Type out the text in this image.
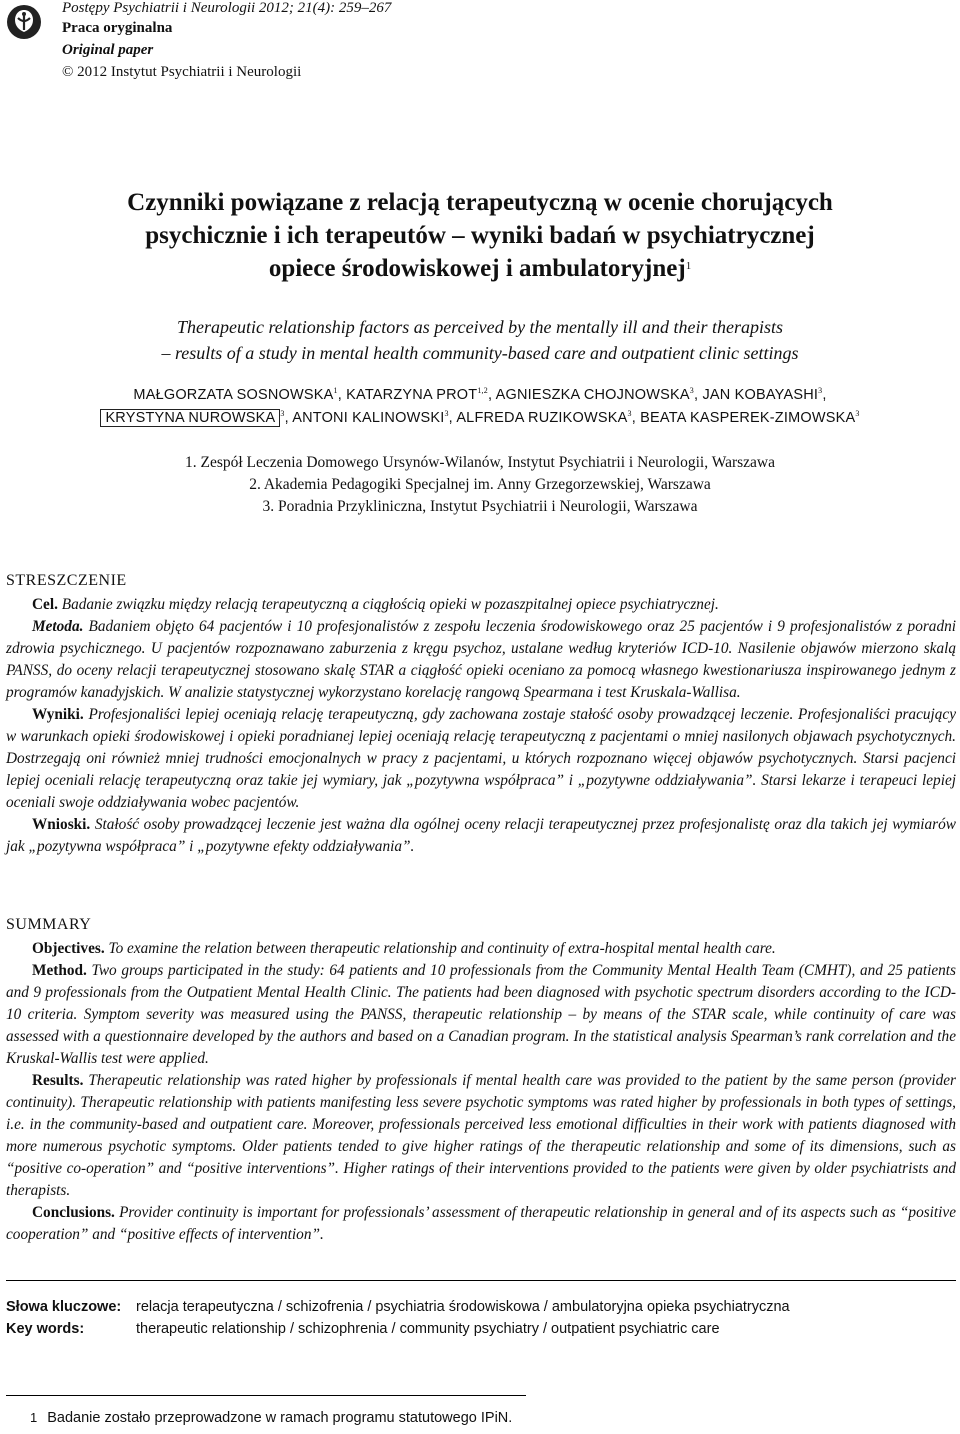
Postępy Psychiatrii i Neurologii 2012; 21(4): 259–267
Praca oryginalna
Original paper
© 2012 Instytut Psychiatrii i Neurologii
Czynniki powiązane z relacją terapeutyczną w ocenie chorujących
psychicznie i ich terapeutów – wyniki badań w psychiatrycznej
opiece środowiskowej i ambulatoryjnej$^1$
Therapeutic relationship factors as perceived by the mentally ill and their therapists
– results of a study in mental health community-based care and outpatient clinic settings
MAŁGORZATA SOSNOWSKA$^1$, KATARZYNA PROT$^{1,2}$, AGNIESZKA CHOJNOWSKA$^3$, JAN KOBAYASHI$^3$,
KRYSTYNA NUROWSKA $^3$, ANTONI KALINOWSKI$^3$, ALFREDA RUZIKOWSKA$^3$, BEATA KASPEREK-ZIMOWSKA$^3$
1. Zespół Leczenia Domowego Ursynów-Wilanów, Instytut Psychiatrii i Neurologii, Warszawa
2. Akademia Pedagogiki Specjalnej im. Anny Grzegorzewskiej, Warszawa
3. Poradnia Przykliniczna, Instytut Psychiatrii i Neurologii, Warszawa
STRESZCZENIE

Cel. Badanie związku między relacją terapeutyczną a ciągłością opieki w pozaszpitalnej opiece psychiatrycznej.

Metoda. Badaniem objęto 64 pacjentów i 10 profesjonalistów z zespołu leczenia środowiskowego oraz 25 pacjentów i 9 profesjonalistów z poradni zdrowia psychicznego. U pacjentów rozpoznawano zaburzenia z kręgu psychoz, ustalane według kryteriów ICD-10. Nasilenie objawów mierzono skalą PANSS, do oceny relacji terapeutycznej stosowano skalę STAR a ciągłość opieki oceniano za pomocą własnego kwestionariusza inspirowanego jednym z programów kanadyjskich. W analizie statystycznej wykorzystano korelację rangową Spearmana i test Kruskala-Wallisa.

Wyniki. Profesjonaliści lepiej oceniają relację terapeutyczną, gdy zachowana zostaje stałość osoby prowadzącej leczenie. Profesjonaliści pracujący w warunkach opieki środowiskowej i opieki poradnianej lepiej oceniają relację terapeutyczną z pacjentami o mniej nasilonych objawach psychotycznych. Dostrzegają oni również mniej trudności emocjonalnych w pracy z pacjentami, u których rozpoznano więcej objawów psychotycznych. Starsi pacjenci lepiej oceniali relację terapeutyczną oraz takie jej wymiary, jak „pozytywna współpraca” i „pozytywne oddziaływania”. Starsi lekarze i terapeuci lepiej oceniali swoje oddziaływania wobec pacjentów.

Wnioski. Stałość osoby prowadzącej leczenie jest ważna dla ogólnej oceny relacji terapeutycznej przez profesjonalistę oraz dla takich jej wymiarów jak „pozytywna współpraca” i „pozytywne efekty oddziaływania”.

SUMMARY

Objectives. To examine the relation between therapeutic relationship and continuity of extra-hospital mental health care.

Method. Two groups participated in the study: 64 patients and 10 professionals from the Community Mental Health Team (CMHT), and 25 patients and 9 professionals from the Outpatient Mental Health Clinic. The patients had been diagnosed with psychotic spectrum disorders according to the ICD-10 criteria. Symptom severity was measured using the PANSS, therapeutic relationship – by means of the STAR scale, while continuity of care was assessed with a questionnaire developed by the authors and based on a Canadian program. In the statistical analysis Spearman’s rank correlation and the Kruskal-Wallis test were applied.

Results. Therapeutic relationship was rated higher by professionals if mental health care was provided to the patient by the same person (provider continuity). Therapeutic relationship with patients manifesting less severe psychotic symptoms was rated higher by professionals in both types of settings, i.e. in the community-based and outpatient care. Moreover, professionals perceived less emotional difficulties in their work with patients diagnosed with more numerous psychotic symptoms. Older patients tended to give higher ratings of the therapeutic relationship and some of its dimensions, such as “positive co-operation” and “positive interventions”. Higher ratings of their interventions provided to the patients were given by older psychiatrists and therapists.

Conclusions. Provider continuity is important for professionals’ assessment of therapeutic relationship in general and of its aspects such as “positive cooperation” and “positive effects of intervention”.

Słowa kluczowe: relacja terapeutyczna / schizofrenia / psychiatria środowiskowa / ambulatoryjna opieka psychiatryczna
Key words:	therapeutic relationship / schizophrenia / community psychiatry / outpatient psychiatric care
1 Badanie zostało przeprowadzone w ramach programu statutowego IPiN.
